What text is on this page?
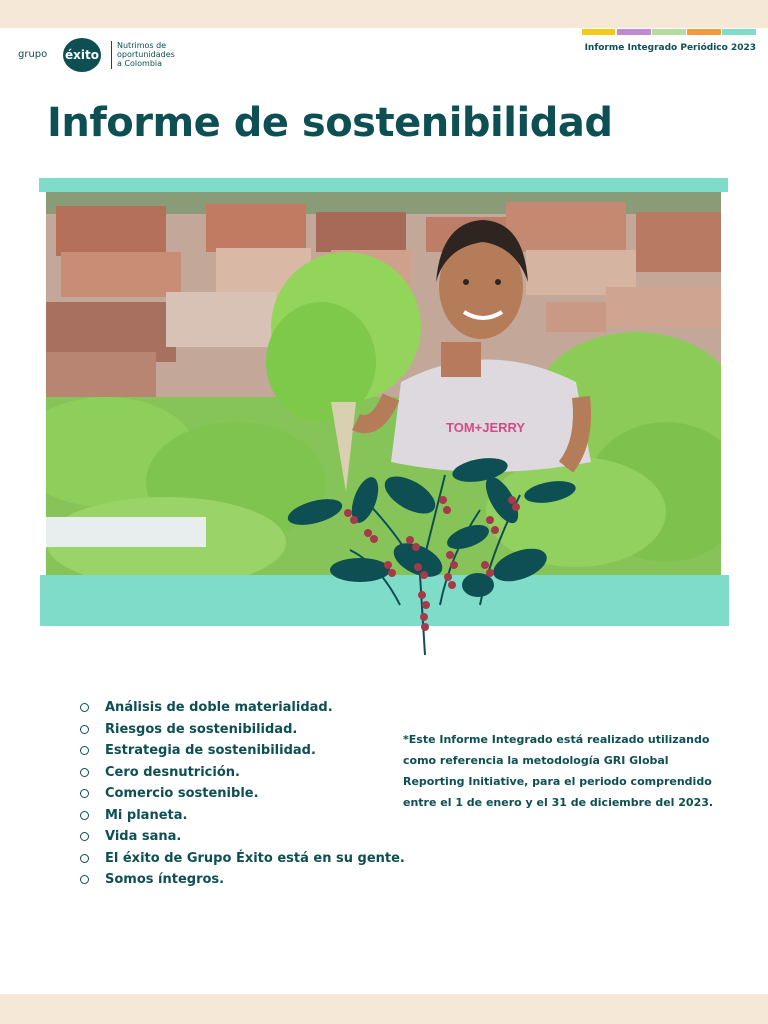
grupo éxito
Nutrimos de
oportunidades
a Colombia
Informe Integrado Periódico 2023
Informe de sostenibilidad
TOM+JERRY
Análisis de doble materialidad.
Riesgos de sostenibilidad.
Estrategia de sostenibilidad.
Cero desnutrición.
Comercio sostenible.
Mi planeta.
Vida sana.
El éxito de Grupo Éxito está en su gente.
Somos íntegros.
*Este Informe Integrado está realizado utilizando
como referencia la metodología GRI Global
Reporting Initiative, para el periodo comprendido
entre el 1 de enero y el 31 de diciembre del 2023.
